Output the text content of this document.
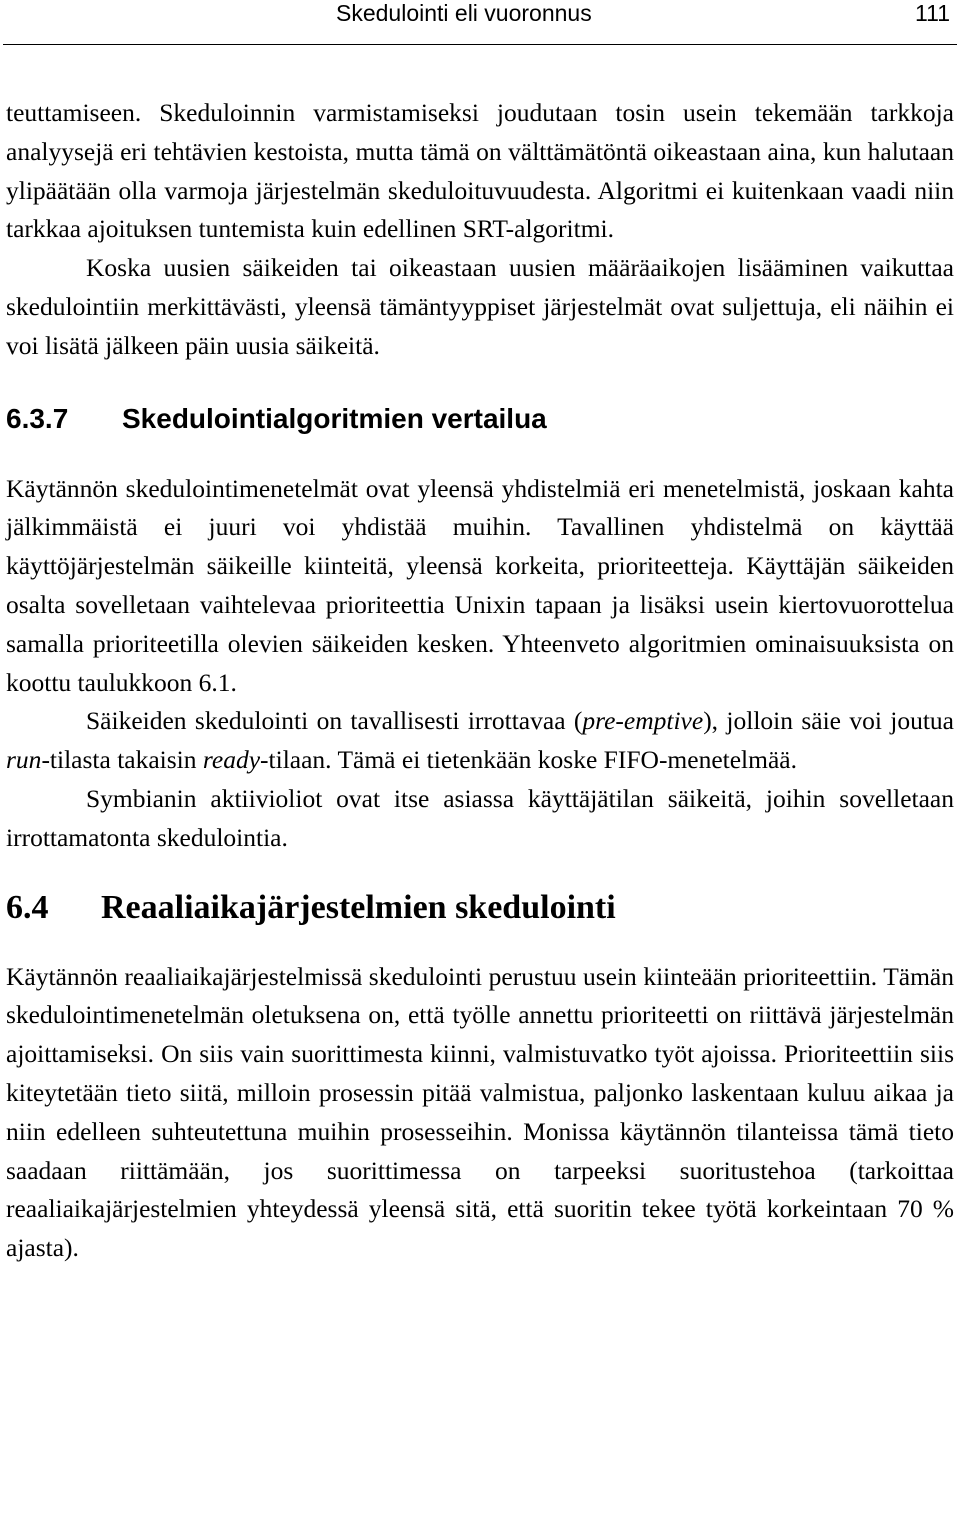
Skedulointi eli vuoronnus	111

teuttamiseen. Skeduloinnin varmistamiseksi joudutaan tosin usein tekemään tarkkoja analyysejä eri tehtävien kestoista, mutta tämä on välttämätöntä oikeastaan aina, kun halutaan ylipäätään olla varmoja järjestelmän skeduloituvuudesta. Algoritmi ei kuitenkaan vaadi niin tarkkaa ajoituksen tuntemista kuin edellinen SRT-algoritmi.

Koska uusien säikeiden tai oikeastaan uusien määräaikojen lisääminen vaikuttaa skedulointiin merkittävästi, yleensä tämäntyyppiset järjestelmät ovat suljettuja, eli näihin ei voi lisätä jälkeen päin uusia säikeitä.

6.3.7 Skedulointialgoritmien vertailua

Käytännön skedulointimenetelmät ovat yleensä yhdistelmiä eri menetelmistä, joskaan kahta jälkimmäistä ei juuri voi yhdistää muihin. Tavallinen yhdistelmä on käyttää käyttöjärjestelmän säikeille kiinteitä, yleensä korkeita, prioriteetteja. Käyttäjän säikeiden osalta sovelletaan vaihtelevaa prioriteettia Unixin tapaan ja lisäksi usein kiertovuorottelua samalla prioriteetilla olevien säikeiden kesken. Yhteenveto algoritmien ominaisuuksista on koottu taulukkoon 6.1.

Säikeiden skedulointi on tavallisesti irrottavaa (pre-emptive), jolloin säie voi joutua run-tilasta takaisin ready-tilaan. Tämä ei tietenkään koske FIFO-menetelmää.

Symbianin aktiivioliot ovat itse asiassa käyttäjätilan säikeitä, joihin sovelletaan irrottamatonta skedulointia.

6.4 Reaaliaikajärjestelmien skedulointi

Käytännön reaaliaikajärjestelmissä skedulointi perustuu usein kiinteään prioriteettiin. Tämän skedulointimenetelmän oletuksena on, että työlle annettu prioriteetti on riittävä järjestelmän ajoittamiseksi. On siis vain suorittimesta kiinni, valmistuvatko työt ajoissa. Prioriteettiin siis kiteytetään tieto siitä, milloin prosessin pitää valmistua, paljonko laskentaan kuluu aikaa ja niin edelleen suhteutettuna muihin prosesseihin. Monissa käytännön tilanteissa tämä tieto saadaan riittämään, jos suorittimessa on tarpeeksi suoritustehoa (tarkoittaa reaaliaikajärjestelmien yhteydessä yleensä sitä, että suoritin tekee työtä korkeintaan 70 % ajasta).
